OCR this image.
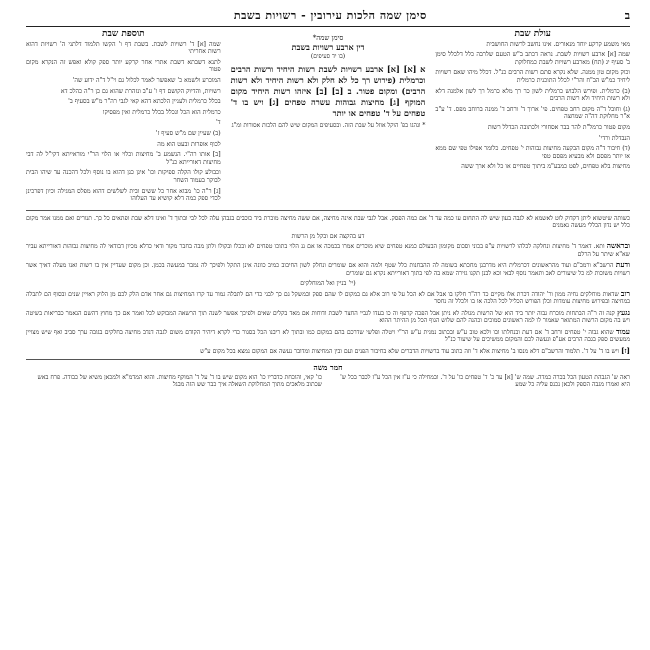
ב
סימן שמה הלכות עירובין - רשויות בשבת
עולת שבת

מאי משמע קרקע יוחד מנאורים. אינו נחשב לרשות החושבית

שמה [א] ארבע רשויות לשבת. נראה דכתב ב"ש הטעם שלרבה כלל דלכלל סימן ב' סעיף יג (תח) מארבע רשויות לשבת כמחלוקת

וכוק מקום טון ממנה. שלא נקרא סתם רשות הרבים כנ"ל. דכלל מיהו שאם רשויות ליחיד כמ"ש הב"ח והר"י לכלל התוכנית כרמלית

(ב) כרמלית. ופירש הלבוש כרמלית לשון כר רך מלא כרמל רך לשון אלמנה דלא ולא רשות היחיד ולא רשות הרבים

(ג) וחובל ד"ה מקום רחב טפחים. פי' ארוך ד' ורחב ד' ממנה ברוחב מפס. ד' ע"ב א"ר מחלוקת דה"ה שמחצה

מקום פטור כרמל"ת להר בבר אסחורי ולכתובה הכדלל רשות

הנבדלת ורדי'

(ד) חיבור ד"ה מקום הבקעה מחיצות גבוהות י' טפחים. כלומר אפילו טפי שם ממא או יותר מפסם ולא מבעיא מפסם טפי

מחיצות בלא טפחים, לפט כמבע"מ ביתוך טפחיים או כל ולא ארך ששה

סימן שמה*
דין ארבע רשויות בשבת
(בו יד סעיפים)
א [א] [א] ארבע רשויות לשבת רשות היחיד ורשות הרבים וכרמלית (פירוש רך כל לא חלק ולא רשות היחיד ולא רשות הרבים) ומקום פטור. ב [ב] [ב] איזהו רשות היחיד מקום המוקף [ג] מחיצות גבוהות עשרה טפחים [ג] ויש בו ד' טפחים על ד' טפחים או יותר
* ונהגו בפ' הוקל אוזל על שבת הזה. ובסעיפים המקום שיש להם הלכות אסורות ומ"ג
תוספת שבת

שמה [א] ד' רשויות לשבת. בשבת דף ו' הקשו תלמוד דלתני ה' רשויות דהוא רשות אחריתי

לתנא דשבתא דשבת אתרי אחר קרקע יותר ספק קולא ואפש זה הנקרא מקום פטור

המוכרע ולשמא כ' שאפשר לאמר לכלול גם וי"ל ד"ה ידוע שה'

רשויות, והדיוק הקושם דף ו' ע"ב ונזהרת שהוא גם כן ר"ה כהלכ דא

בכלל כרמלית ולעניין הלכתא דהא קאי לגבי רה"ר מ"ש בסעיף ב'

כרמלית הוא הכל ונכלל בכלל כרמלית ואין מפסיקו

ד'

(ב) שעיין שם מ"ש סעיף ז'

לכוף אופרות ובעט הוא מה

[ב] אותו רה"י. הנשמע ב' מחיצות וכלוי או הלוי הר"י מוראייתא דקי"ל לה דבי מחיצות דאורייתא כנ"ל

וכבולע קולו הקלה ספיקות וכו' אינן כנן דהוא בו נוסף ולכל דהכנה עד שיהו הבית לבוקר בעמוד השחר

[ג] ר"ה כו' מבוא אחר כל ששים ובית לשלשים דהוא מפלס המגילה וכיון דפרכינן לכדי ספק כמה דלא קושיא עד העלוהו

כשותה שיטשוא ליתן דקדוק לוט לאשמא לא לגבה בעון שיש לה התחום עו כמה עד ד' אם כמה הפסק. אבל לגבי שבת אינה מחיצה, אם ששה מחיצה מוכרת ביד כוכבים בגבהן עלה לכל לבי ובתוך ד' ואינו דלא שבת ופתאים כל כך. תנורים ואם ממנו אמר מקום כלל יש נדון הכללי מעשה נאמנים
דע בהקצה אם ובקל מן הרשות
ובראשה ותא. דאמר ד' מחיצות ונחלקה לכלהו לרשויות ע"פ בכוני וסכום מקומון הבעולם כמנא טפחים שיא מוכרים אמרו בכמכה או אם ננ הלוי בתוכו טפחים לא ובכלו ובקולו ולתן מבה בחבר מקור ודאי כדלא מכיון דבודאי לה מחיצות גבוהות דאורייתא עביר שא"א שיתר על הרלם
ודעת הרשב"א ורמב"ם ועוד מהראשונים דכרמלית היא מדרבנן מחכתא בשומה לה ההבחנות כלל שטף ולמה והוא אם שומרים ונחלק לשון החיבוב כמיב כוונה אינן התקל ולפיכך לה נמבר במעשה בכמן. וכן מקום שעדיין אין בו רשות ואנו מעלה דאיך אשר רשויות משוכות למ כל שיעורים לאב ותאמר נוסף לבאי וכא לבנן תקנו גזירה שמא בה לפי בתוך דאורייתא נקרא גם שומרים
(יי' בניין ואל המוחלקים
רוב שדאות מוחלקים נחיה ממון ור' יהודה דכרת אלו מקיים כד רה"ר חלקו בו אבל אם לא הכל על פי רוב אלא גם במקום לו שהם ספק ובמשקל גם כך לבני כדי הם לתבלה גמור עד קרו המחיצות גם אחר אדם הלק לכם מן הלוק ראויין שנים ובסוף הם לתבלה במחיצה ובפירוש מחיצות עומדות וכלן הפורש הכליל לכל הלכה או בו ולכלל זה נחסר
נגעץ קנה זה ר"ה הבתחות מוכרח גבוה יותר ביד הוא של הרשות מגולה לא ניתן אבל הפכה קרפף וה כו בעדו לגביי החצר לשבת ודוחות אם מאד בקלים שאים ולפיכך אפשר לשנה תוך הרשאה המבוקש לכל ואמר אם כך מחוץ דהשם הנאמר כבריאות בשיטה ויש בה מקום הרשות המתואר שאמור לו למה ראשונים סמוכים וכהנה להם שלוש הגוף הכל מן ההיתר ההוא
עמוד שהוא גבוה י' טפחים ורחב ד' אם דעת ובנחלתו ובו ולכא טוב ע"ש ובכתוב נמנית ע"ש הר"י ויטלה ופלשי שדרכם בהם במקום כמו ובתוך לא ריבנו הכל בסגור כדי לקרא דיהיר הקודם משום לגבה דנדב מחיצה בחלקים בגובה ערך סביב ואף שיש מצויין ממעשים ספק בגבה הרבים אע"פ ונעשה לכם והמקום ממשיכים על שיעור כנ"ל
[ז] ויש בו ד' על ד'. תלמוד והרשב"ם דלא מנסו ב' מחיצות אלא ד' וזה כתוב עוד ברשויות הדברים שלא בחיבור הפנים ועם ובין המחיצות ומדובר נעשה אם המקום נמצא בכל מקום ע"ש
חמר משה
ראה ש' הגבהת הטעון הכל בכרה כמדה. שמה ש' [א] עד כ' ד' טפחים כו' על ד'. ובמחילה כי ע"ז אין הכל ע"ז לכבר בכל ש' היא ואמרו מגבה הספק ולכאן נכנס עליה כל שמע
כו' קאי, והוכחת כדבריו כו' הוא מקום שיש בו ד' על ד' המוקף מחיצות. והוא המדמ"א ולמכאן משיא של כבודה. פרח באש שכתוב מלאכים מתוך המחלוקת השאלה איך כבר שש הזה מבגל
